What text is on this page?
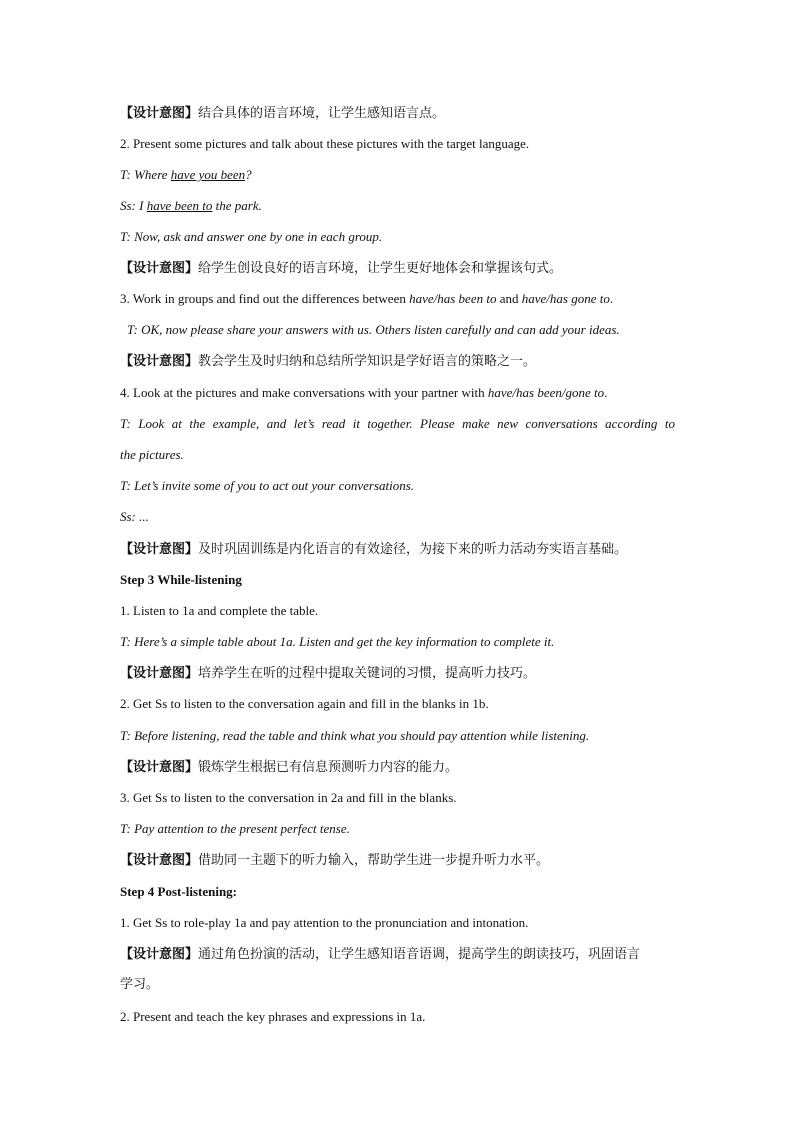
【设计意图】结合具体的语言环境，让学生感知语言点。
2. Present some pictures and talk about these pictures with the target language.
T: Where have you been?
Ss: I have been to the park.
T: Now, ask and answer one by one in each group.
【设计意图】给学生创设良好的语言环境，让学生更好地体会和掌握该句式。
3. Work in groups and find out the differences between have/has been to and have/has gone to.
T: OK, now please share your answers with us. Others listen carefully and can add your ideas.
【设计意图】教会学生及时归纳和总结所学知识是学好语言的策略之一。
4. Look at the pictures and make conversations with your partner with have/has been/gone to.
T: Look at the example, and let’s read it together. Please make new conversations according to
the pictures.
T: Let’s invite some of you to act out your conversations.
Ss: ...
【设计意图】及时巩固训练是内化语言的有效途径，为接下来的听力活动夯实语言基础。
Step 3 While-listening
1. Listen to 1a and complete the table.
T: Here’s a simple table about 1a. Listen and get the key information to complete it.
【设计意图】培养学生在听的过程中提取关键词的习惯，提高听力技巧。
2. Get Ss to listen to the conversation again and fill in the blanks in 1b.
T: Before listening, read the table and think what you should pay attention while listening.
【设计意图】锻炼学生根据已有信息预测听力内容的能力。
3. Get Ss to listen to the conversation in 2a and fill in the blanks.
T: Pay attention to the present perfect tense.
【设计意图】借助同一主题下的听力输入，帮助学生进一步提升听力水平。
Step 4 Post-listening:
1. Get Ss to role-play 1a and pay attention to the pronunciation and intonation.
【设计意图】通过角色扮演的活动，让学生感知语音语调，提高学生的朗读技巧，巩固语言
学习。
2. Present and teach the key phrases and expressions in 1a.
